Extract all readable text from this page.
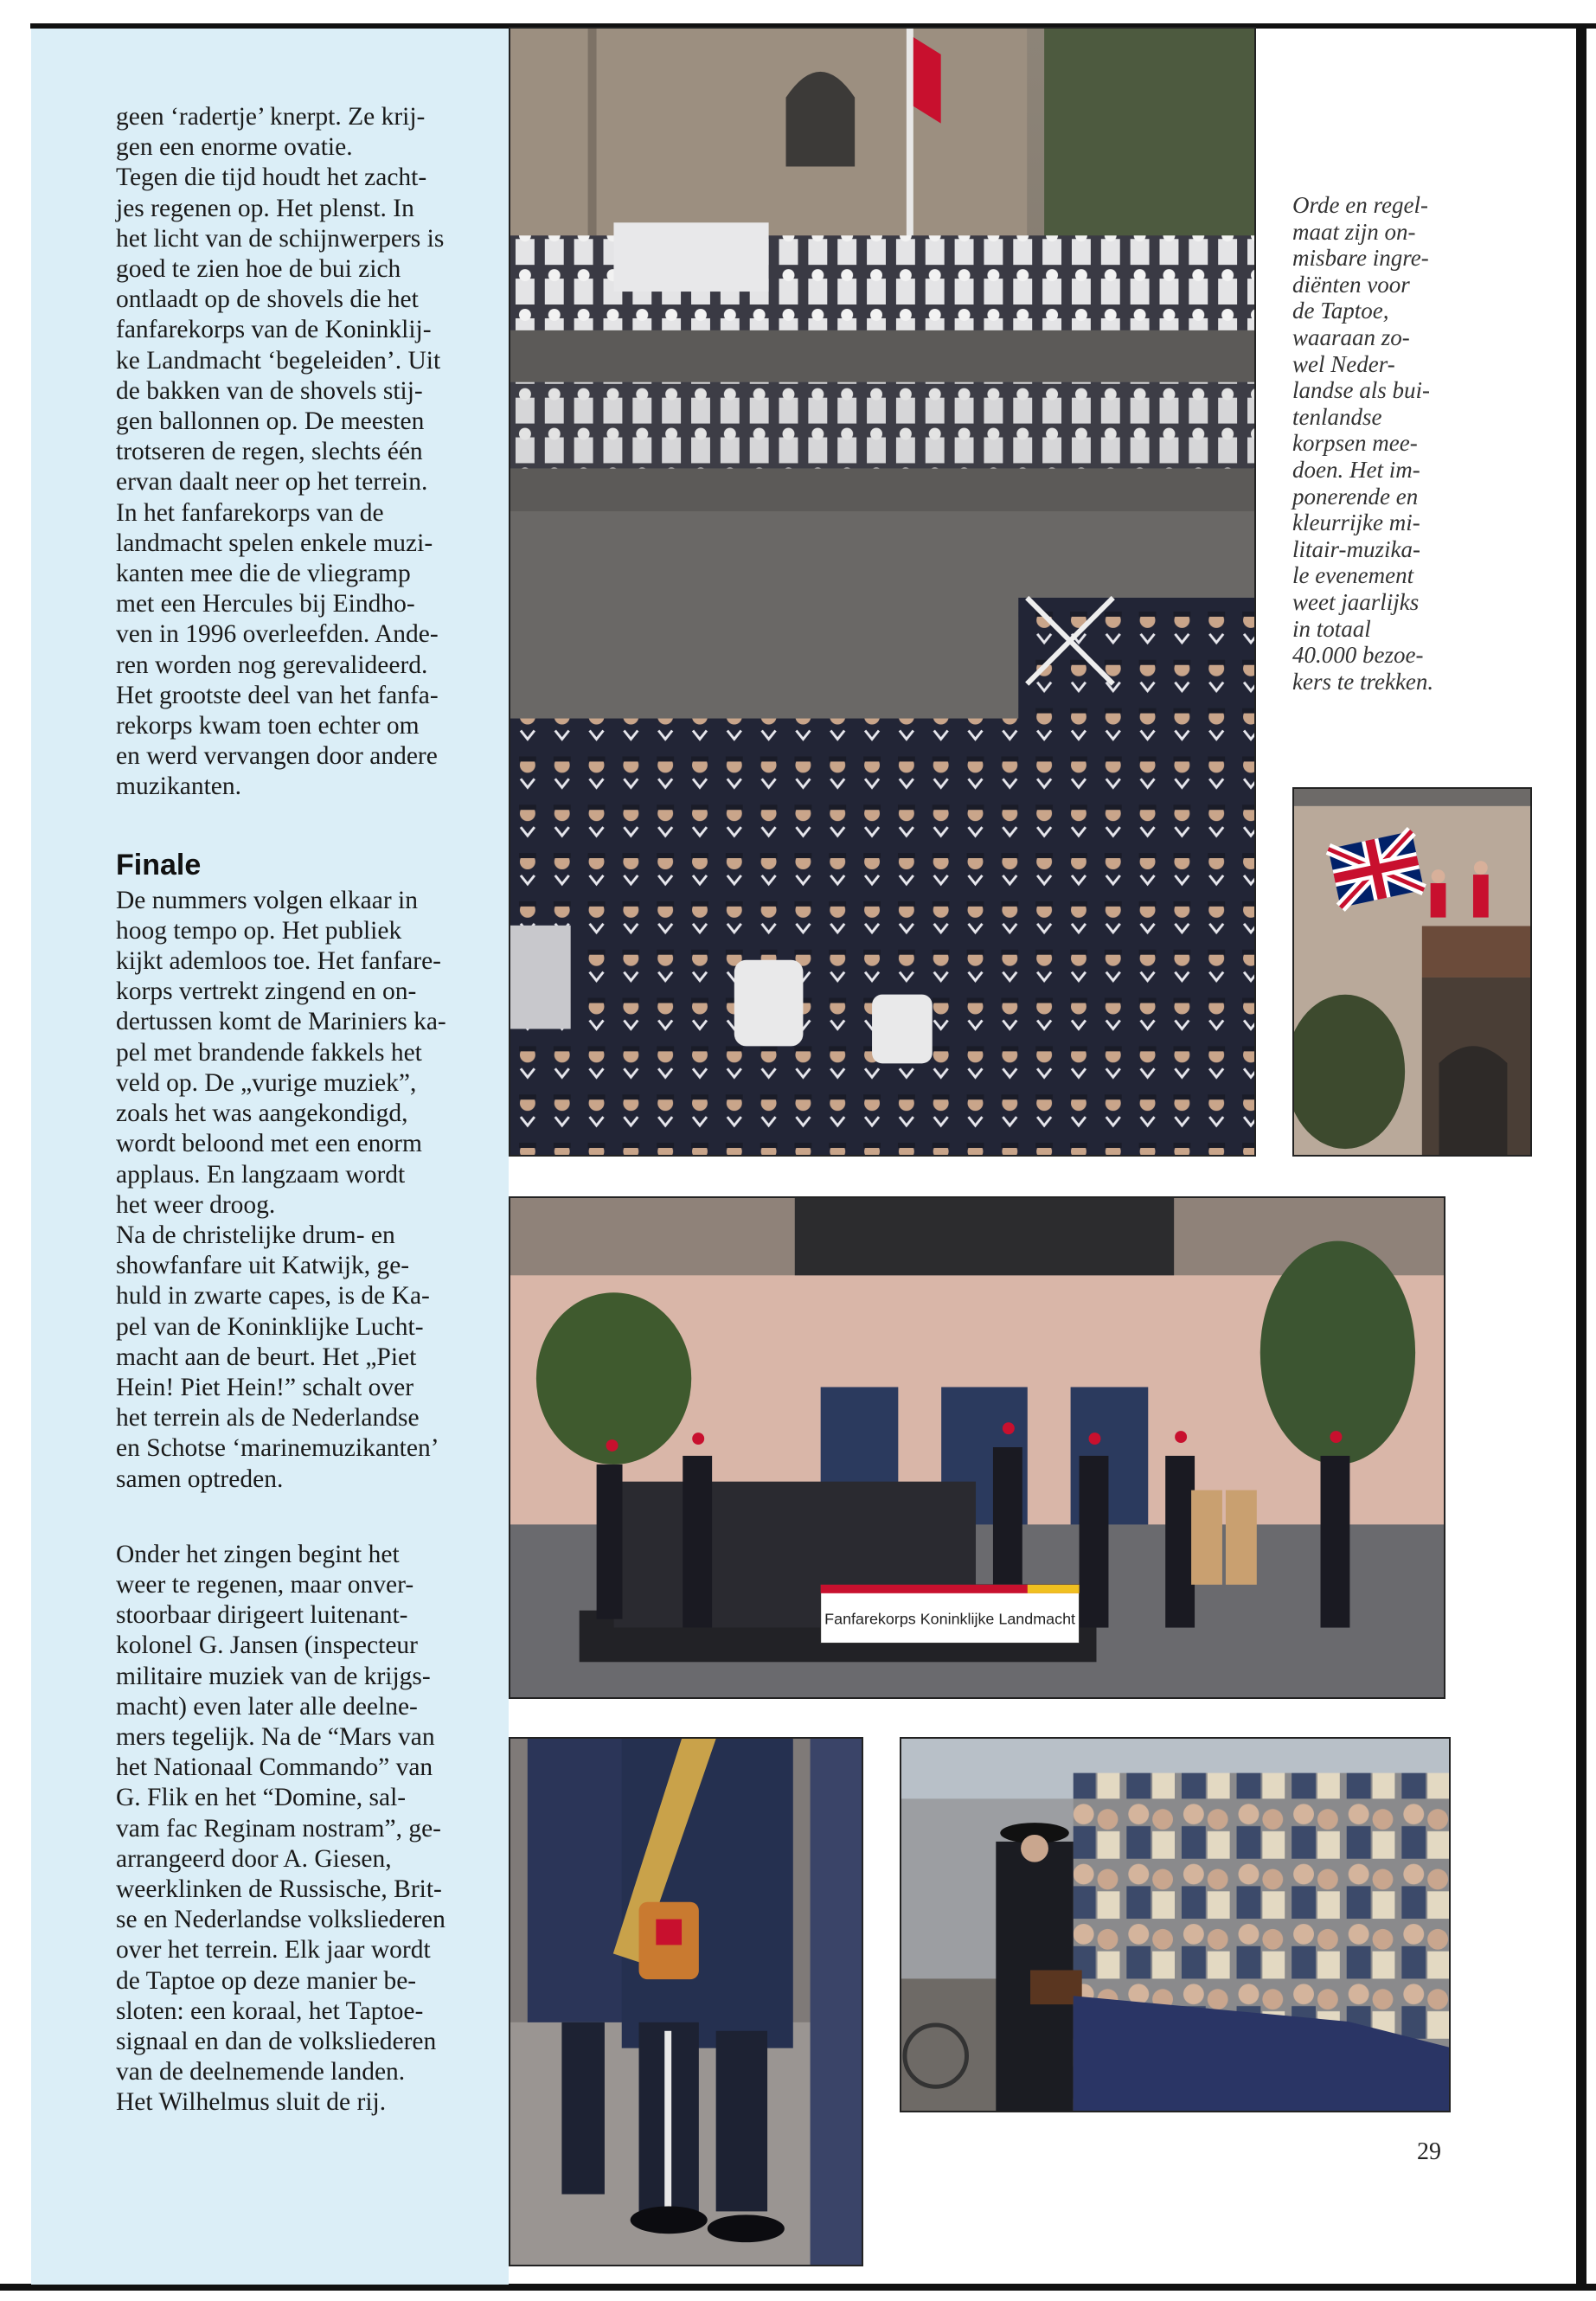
geen ‘radertje’ knerpt. Ze krij-

gen een enorme ovatie.

Tegen die tijd houdt het zacht-

jes regenen op. Het plenst. In

het licht van de schijnwerpers is

goed te zien hoe de bui zich

ontlaadt op de shovels die het

fanfarekorps van de Koninklij-

ke Landmacht ‘begeleiden’. Uit

de bakken van de shovels stij-

gen ballonnen op. De meesten

trotseren de regen, slechts één

ervan daalt neer op het terrein.

In het fanfarekorps van de

landmacht spelen enkele muzi-

kanten mee die de vliegramp

met een Hercules bij Eindho-

ven in 1996 overleefden. Ande-

ren worden nog gerevalideerd.

Het grootste deel van het fanfa-

rekorps kwam toen echter om

en werd vervangen door andere

muzikanten.

Finale

De nummers volgen elkaar in

hoog tempo op. Het publiek

kijkt ademloos toe. Het fanfare-

korps vertrekt zingend en on-

dertussen komt de Mariniers ka-

pel met brandende fakkels het

veld op. De „vurige muziek”,

zoals het was aangekondigd,

wordt beloond met een enorm

applaus. En langzaam wordt

het weer droog.

Na de christelijke drum- en

showfanfare uit Katwijk, ge-

huld in zwarte capes, is de Ka-

pel van de Koninklijke Lucht-

macht aan de beurt. Het „Piet

Hein! Piet Hein!” schalt over

het terrein als de Nederlandse

en Schotse ‘marinemuzikanten’

samen optreden.

Onder het zingen begint het

weer te regenen, maar onver-

stoorbaar dirigeert luitenant-

kolonel G. Jansen (inspecteur

militaire muziek van de krijgs-

macht) even later alle deelne-

mers tegelijk. Na de “Mars van

het Nationaal Commando” van

G. Flik en het “Domine, sal-

vam fac Reginam nostram”, ge-

arrangeerd door A. Giesen,

weerklinken de Russische, Brit-

se en Nederlandse volksliederen

over het terrein. Elk jaar wordt

de Taptoe op deze manier be-

sloten: een koraal, het Taptoe-

signaal en dan de volksliederen

van de deelnemende landen.

Het Wilhelmus sluit de rij.

Orde en regel-

maat zijn on-

misbare ingre-

diënten voor

de Taptoe,

waaraan zo-

wel Neder-

landse als bui-

tenlandse

korpsen mee-

doen. Het im-

ponerende en

kleurrijke mi-

litair-muzika-

le evenement

weet jaarlijks

in totaal

40.000 bezoe-

kers te trekken.

Fanfarekorps Koninklijke Landmacht
29
